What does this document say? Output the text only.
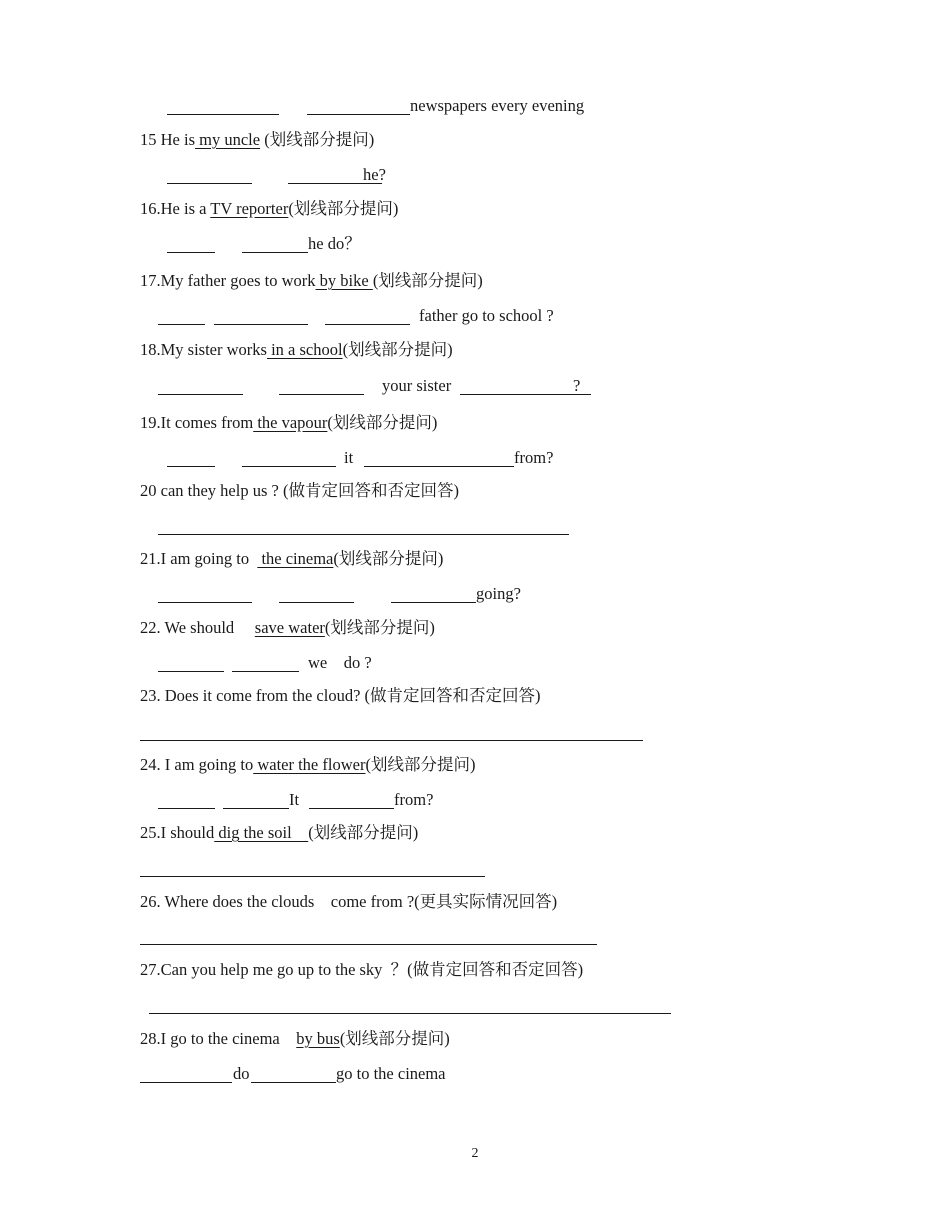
newspapers every evening
15 He is my uncle (划线部分提问)
he?
16.He is a TV reporter(划线部分提问)
he do？
17.My father goes to work by bike (划线部分提问)
father go to school ?
18.My sister works in a school(划线部分提问)
your sister	?
19.It comes from the vapour(划线部分提问)
it	from?
20 can they help us ? (做肯定回答和否定回答)
21.I am going to   the cinema(划线部分提问)
going?
22. We should     save water(划线部分提问)
we    do ?
23. Does it come from the cloud? (做肯定回答和否定回答)
24. I am going to water the flower(划线部分提问)
It	from?
25.I should dig the soil    (划线部分提问)
26. Where does the clouds    come from ?(更具实际情况回答)
27.Can you help me go up to the sky  ？(做肯定回答和否定回答)
28.I go to the cinema    by bus(划线部分提问)
do	go to the cinema
2
